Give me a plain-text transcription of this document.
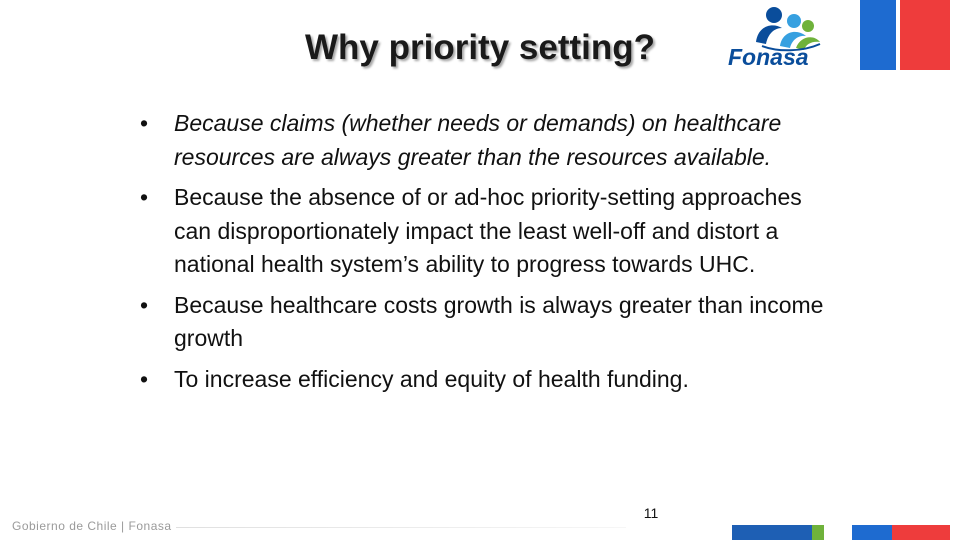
Why priority setting?	Fonasa
•	Because claims (whether needs or demands) on healthcare resources are always greater than the resources available.
•	Because the absence of or ad-hoc priority-setting approaches can disproportionately impact the least well-off and distort a national health system’s ability to progress towards UHC.
•	Because healthcare costs growth is always greater than income growth
•	To increase efficiency and equity of health funding.
Gobierno de Chile | Fonasa
11
